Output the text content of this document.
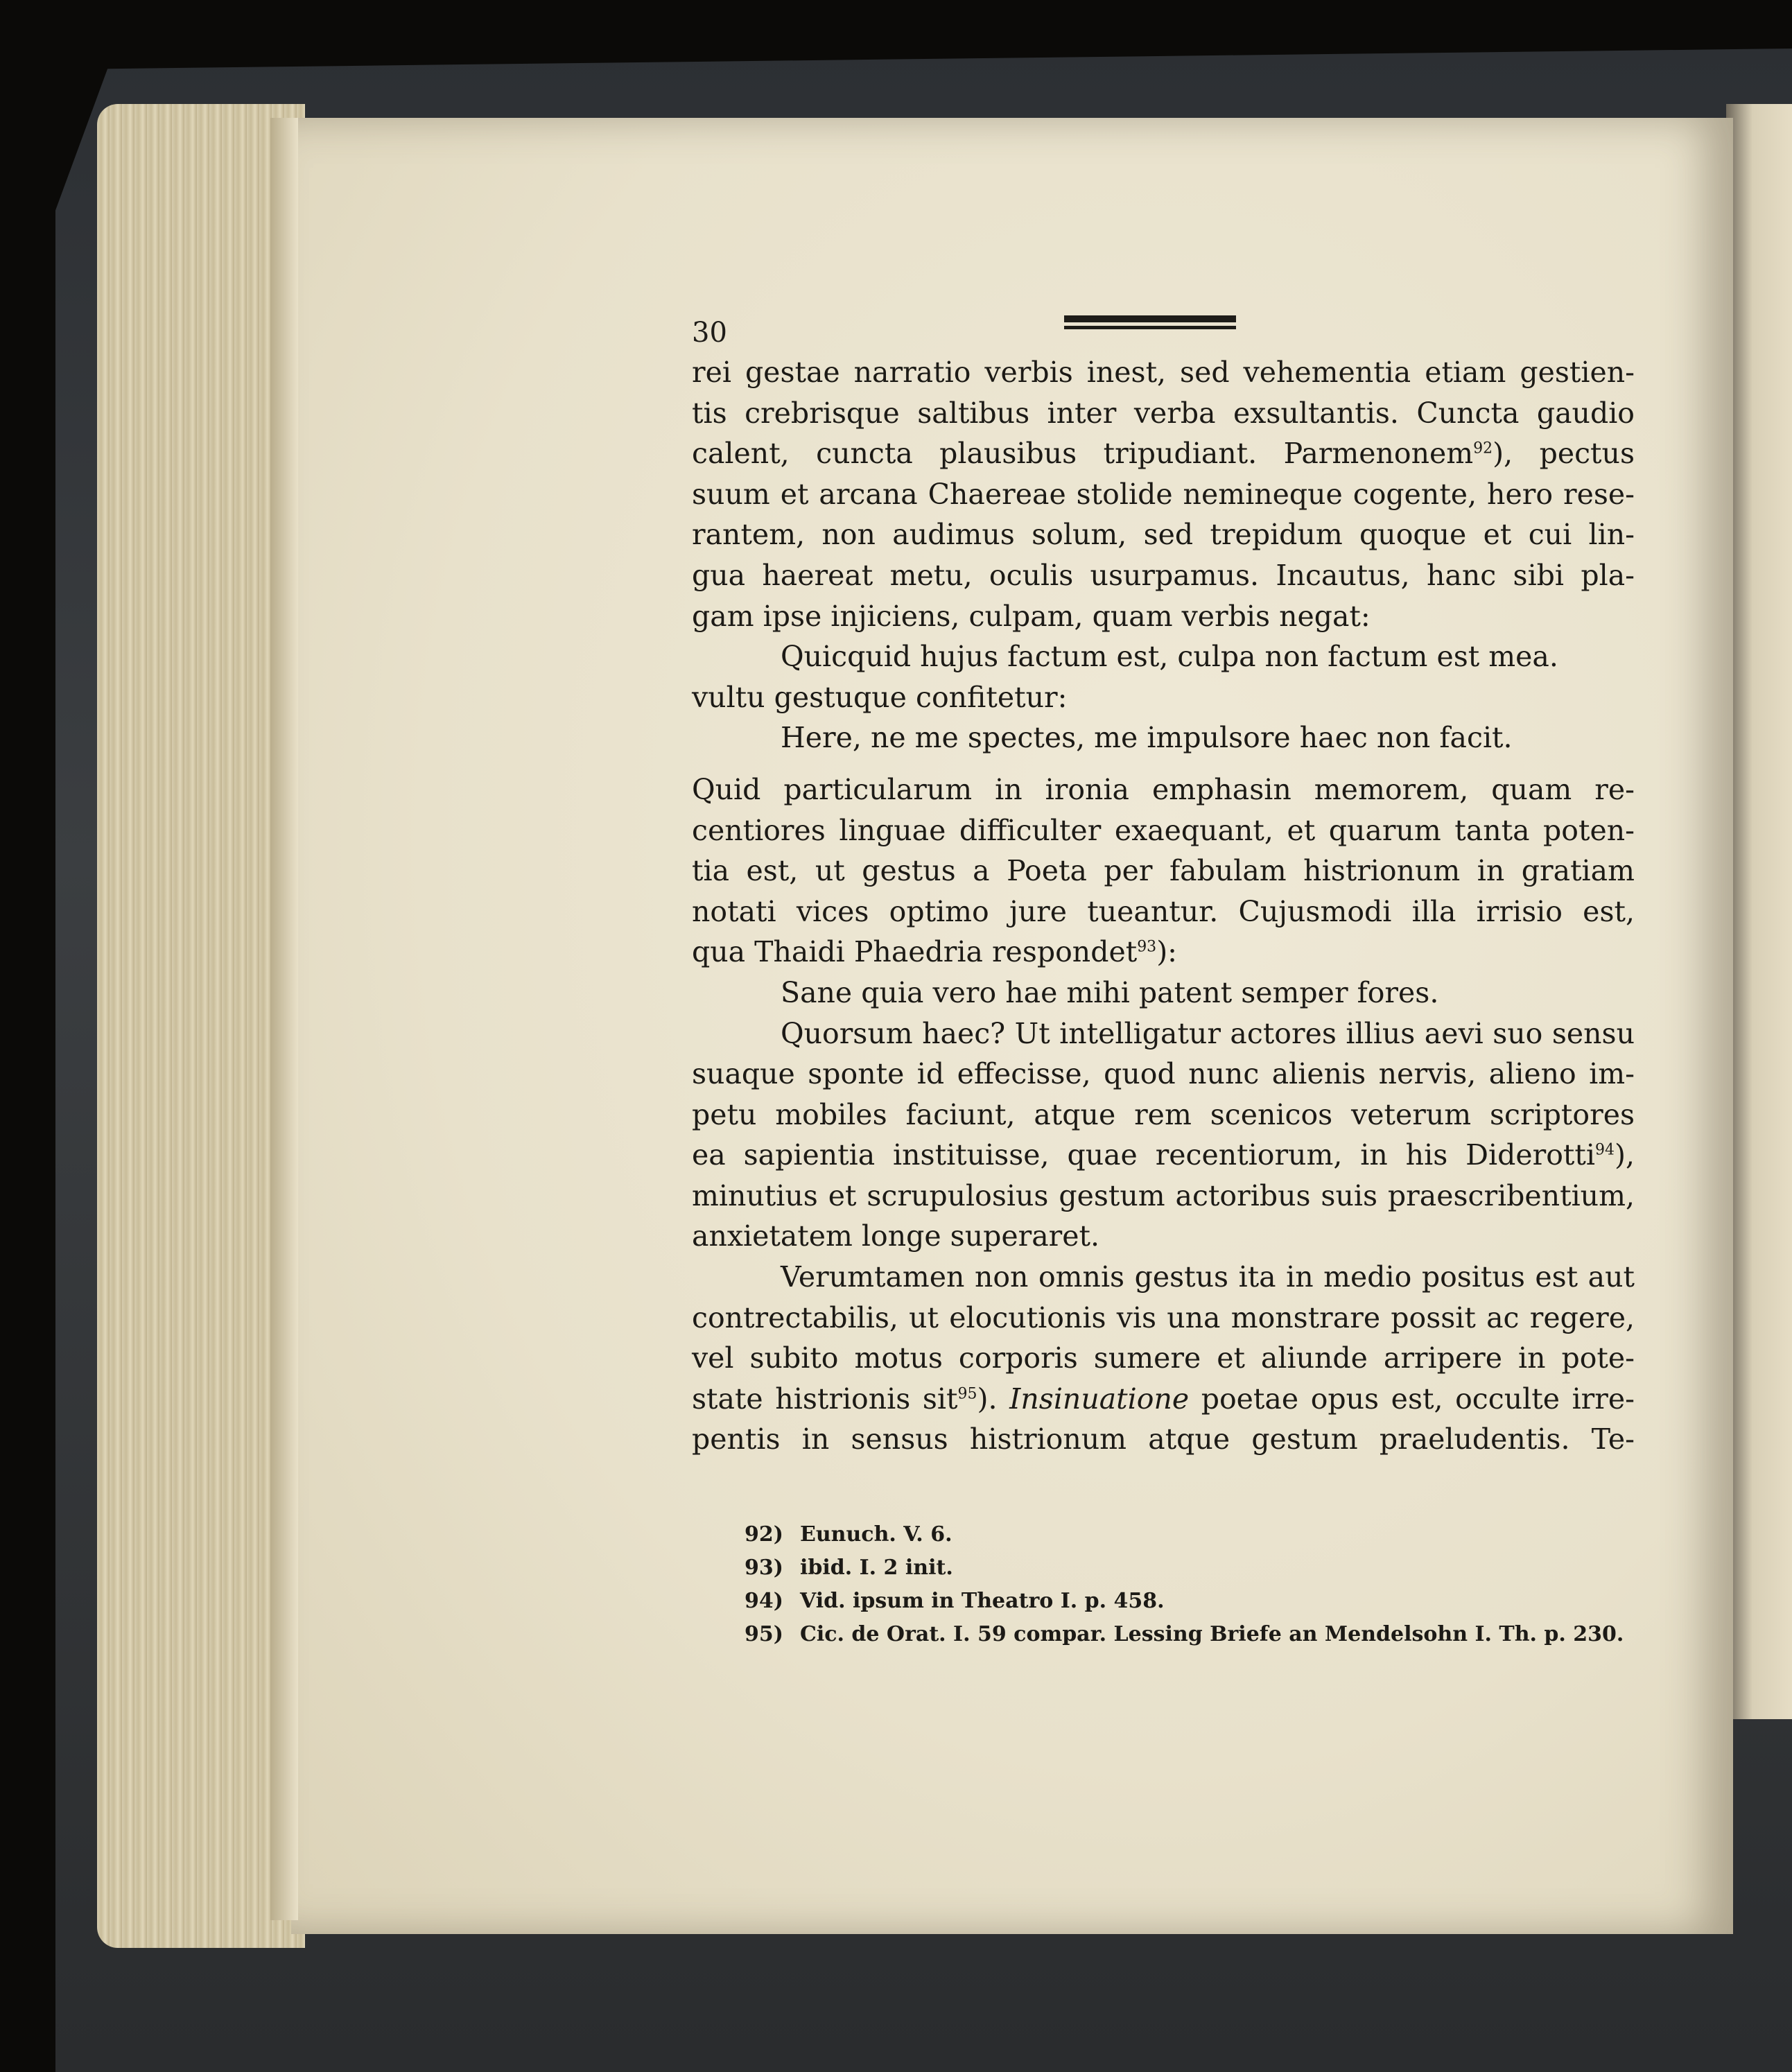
30
rei gestae narratio verbis inest, sed vehementia etiam gestien-
tis crebrisque saltibus inter verba exsultantis. Cuncta gaudio
calent, cuncta plausibus tripudiant. Parmenonem$^{92}$), pectus
suum et arcana Chaereae stolide nemineque cogente, hero rese-
rantem, non audimus solum, sed trepidum quoque et cui lin-
gua haereat metu, oculis usurpamus. Incautus, hanc sibi pla-
gam ipse injiciens, culpam, quam verbis negat:
Quicquid hujus factum est, culpa non factum est mea.
vultu gestuque confitetur:
Here, ne me spectes, me impulsore haec non facit.
Quid particularum in ironia emphasin memorem, quam re-
centiores linguae difficulter exaequant, et quarum tanta poten-
tia est, ut gestus a Poeta per fabulam histrionum in gratiam
notati vices optimo jure tueantur. Cujusmodi illa irrisio est,
qua Thaidi Phaedria respondet$^{93}$):
Sane quia vero hae mihi patent semper fores.
Quorsum haec? Ut intelligatur actores illius aevi suo sensu
suaque sponte id effecisse, quod nunc alienis nervis, alieno im-
petu mobiles faciunt, atque rem scenicos veterum scriptores
ea sapientia instituisse, quae recentiorum, in his Diderotti$^{94}$),
minutius et scrupulosius gestum actoribus suis praescribentium,
anxietatem longe superaret.
Verumtamen non omnis gestus ita in medio positus est aut
contrectabilis, ut elocutionis vis una monstrare possit ac regere,
vel subito motus corporis sumere et aliunde arripere in pote-
state histrionis sit$^{95}$). Insinuatione poetae opus est, occulte irre-
pentis in sensus histrionum atque gestum praeludentis. Te-
92) Eunuch. V. 6.
93) ibid. I. 2 init.
94) Vid. ipsum in Theatro I. p. 458.
95) Cic. de Orat. I. 59 compar. Lessing Briefe an Mendelsohn I. Th. p. 230.
